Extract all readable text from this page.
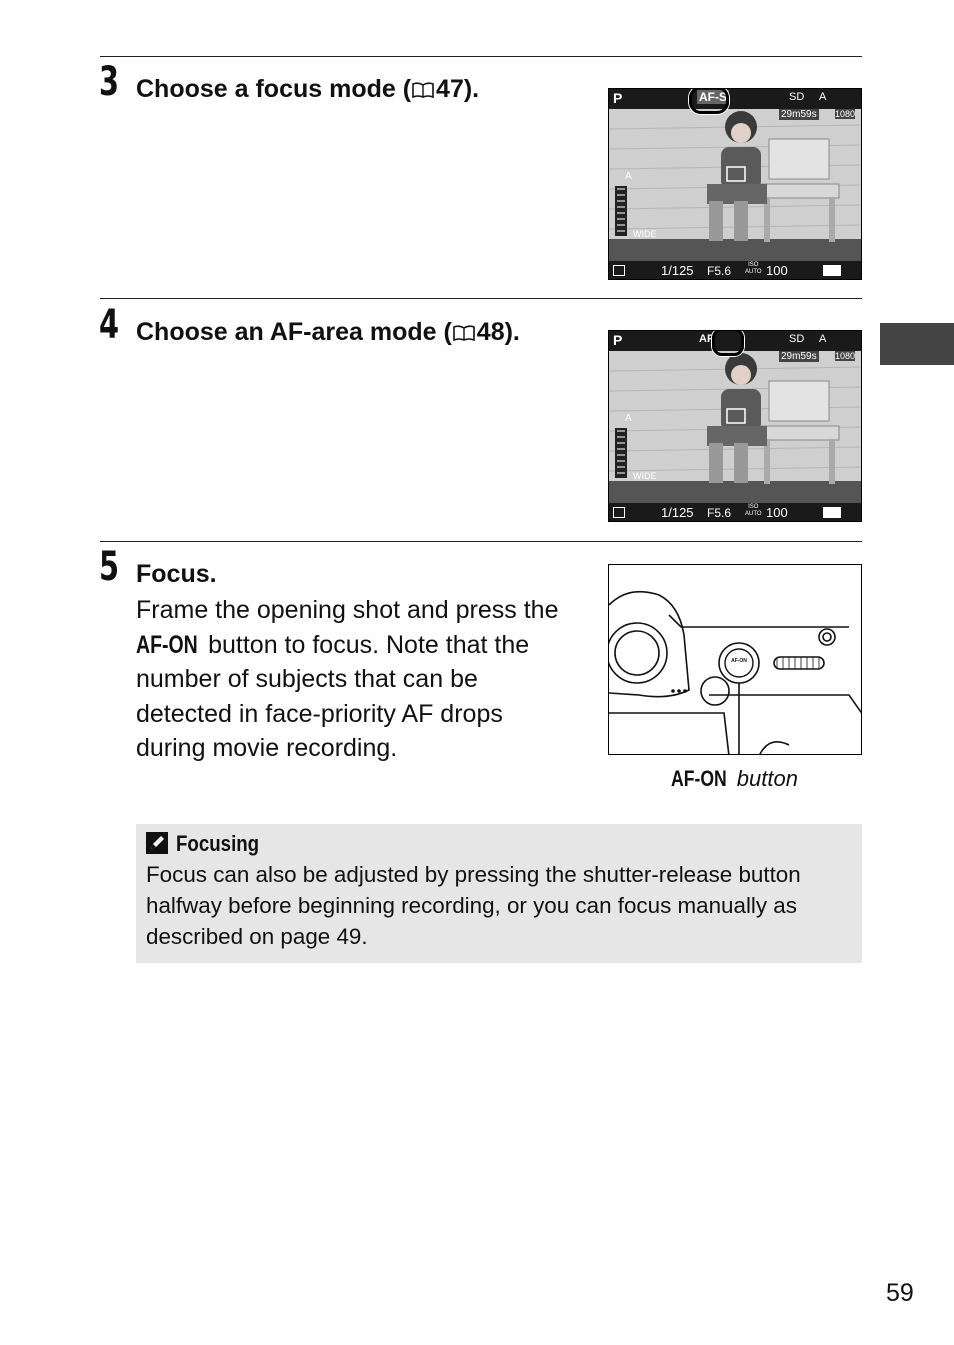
3 Choose a focus mode ( 47).
4 Choose an AF-area mode ( 48).
5 Focus.
Frame the opening shot and press the
AF-ON button to focus. Note that the
number of subjects that can be
detected in face-priority AF drops
during movie recording.
P	AF-S	SD A
29m59s 1080
A
WIDE
1/125 F5.6	ISO
AUTO 100
P	AF	SD A
29m59s 1080
A
WIDE
1/125 F5.6	ISO
AUTO 100
AF-ON
AF-ON button
Focusing
Focus can also be adjusted by pressing the shutter-release button halfway before beginning recording, or you can focus manually as described on page 49.
59
